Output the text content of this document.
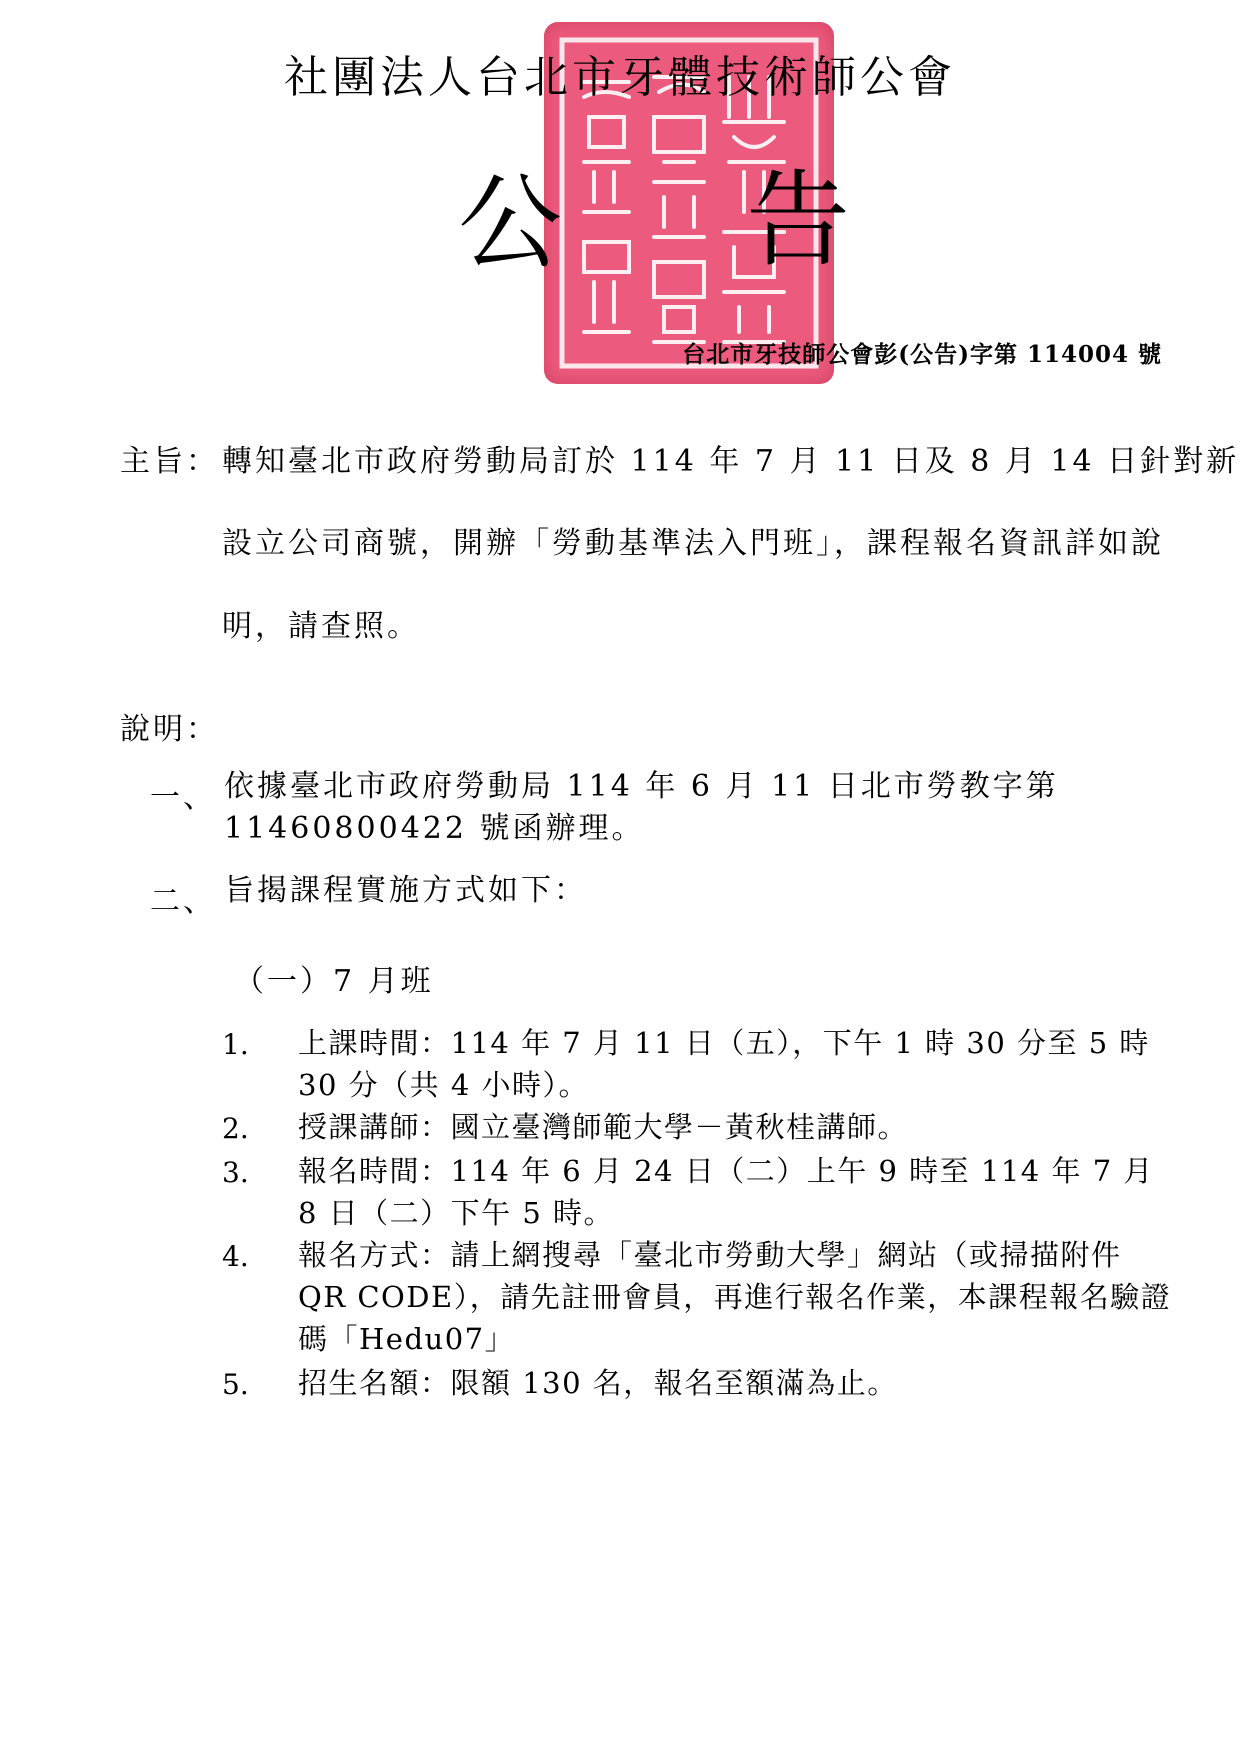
社團法人台北市牙體技術師公會
公 告
台北市牙技師公會彭(公告)字第 114004 號
主旨： 轉知臺北市政府勞動局訂於 114 年 7 月 11 日及 8 月 14 日針對新
設立公司商號，開辦「勞動基準法入門班」，課程報名資訊詳如說
明，請查照。
說明：
一、 依據臺北市政府勞動局 114 年 6 月 11 日北市勞教字第 11460800422 號函辦理。
二、 旨揭課程實施方式如下：
（一）7 月班
1. 上課時間：114 年 7 月 11 日（五），下午 1 時 30 分至 5 時 30 分（共 4 小時）。
2. 授課講師：國立臺灣師範大學－黃秋桂講師。
3. 報名時間：114 年 6 月 24 日（二）上午 9 時至 114 年 7 月 8 日（二）下午 5 時。
4. 報名方式：請上網搜尋「臺北市勞動大學」網站（或掃描附件 QR CODE），請先註冊會員，再進行報名作業，本課程報名驗證碼「Hedu07」
5. 招生名額：限額 130 名，報名至額滿為止。
